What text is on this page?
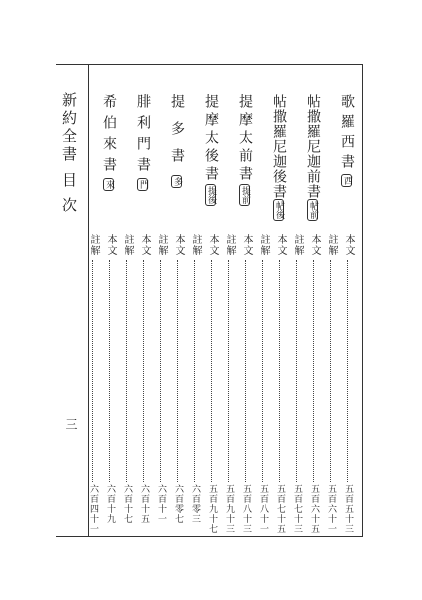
新約全書
目次
三
歌羅西書西
本文
五百五十三
註解
五百六十一
帖撒羅尼迦前書帖前
本文
五百六十五
註解
五百七十三
帖撒羅尼迦後書帖後
本文
五百七十五
註解
五百八十一
提摩太前書提前
本文
五百八十三
註解
五百九十三
提摩太後書提後
本文
五百九十七
註解
六百零三
提多書多
本文
六百零七
註解
六百十一
腓利門書門
本文
六百十五
註解
六百十七
希伯來書來
本文
六百十九
註解
六百四十一
